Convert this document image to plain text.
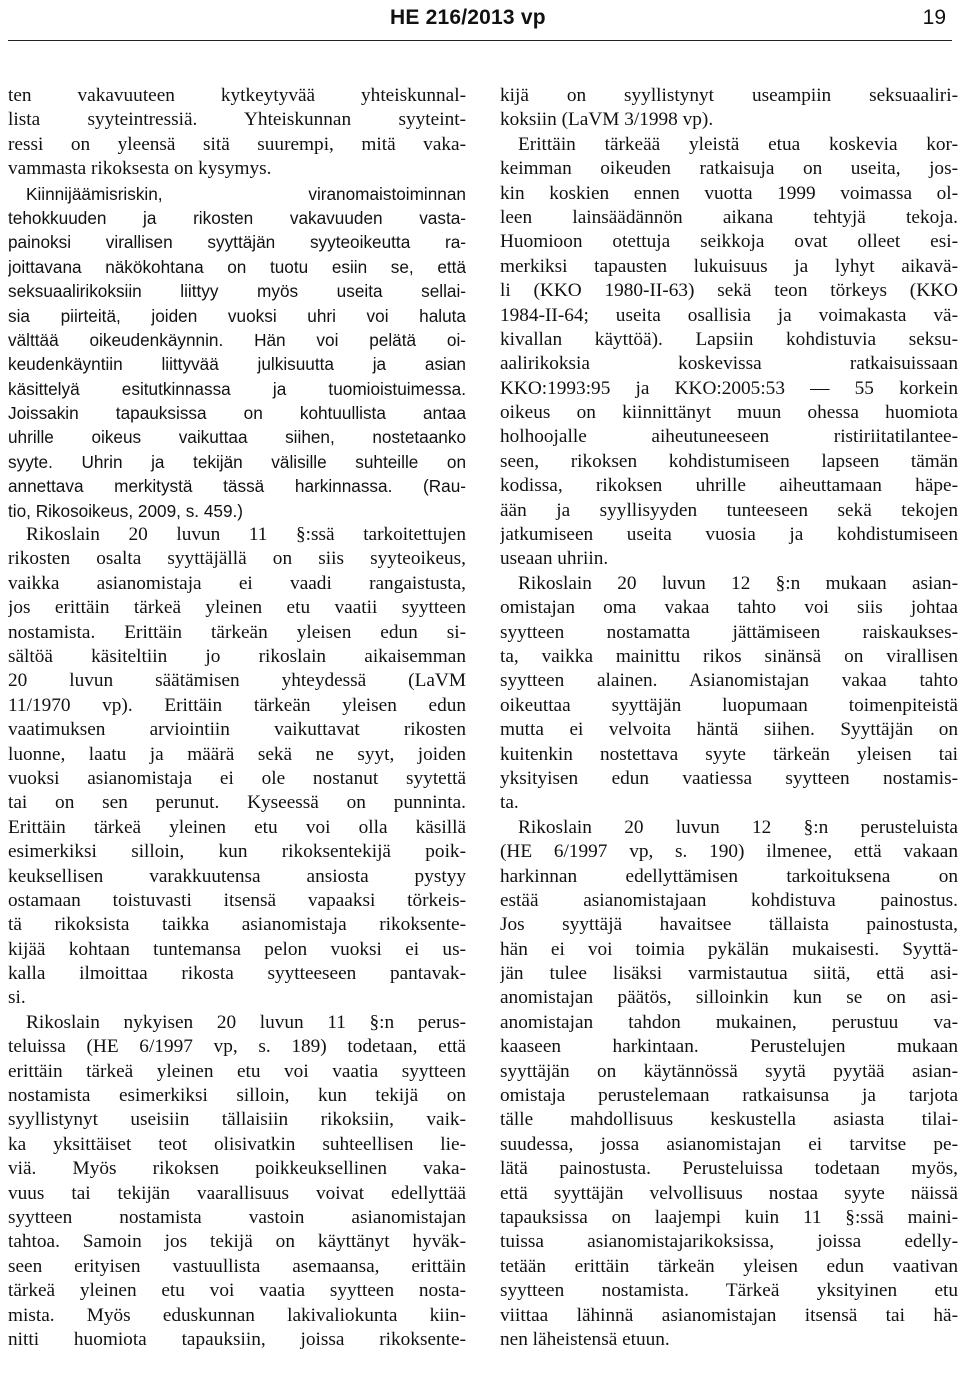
HE 216/2013 vp	19
ten vakavuuteen kytkeytyvää yhteiskunnal-
lista syyteintressiä. Yhteiskunnan syyteint-
ressi on yleensä sitä suurempi, mitä vaka-
vammasta rikoksesta on kysymys.
Kiinnijäämisriskin, viranomaistoiminnan
tehokkuuden ja rikosten vakavuuden vasta-
painoksi virallisen syyttäjän syyteoikeutta ra-
joittavana näkökohtana on tuotu esiin se, että
seksuaalirikoksiin liittyy myös useita sellai-
sia piirteitä, joiden vuoksi uhri voi haluta
välttää oikeudenkäynnin. Hän voi pelätä oi-
keudenkäyntiin liittyvää julkisuutta ja asian
käsittelyä esitutkinnassa ja tuomioistuimessa.
Joissakin tapauksissa on kohtuullista antaa
uhrille oikeus vaikuttaa siihen, nostetaanko
syyte. Uhrin ja tekijän välisille suhteille on
annettava merkitystä tässä harkinnassa. (Rau-
tio, Rikosoikeus, 2009, s. 459.)
Rikoslain 20 luvun 11 §:ssä tarkoitettujen
rikosten osalta syyttäjällä on siis syyteoikeus,
vaikka asianomistaja ei vaadi rangaistusta,
jos erittäin tärkeä yleinen etu vaatii syytteen
nostamista. Erittäin tärkeän yleisen edun si-
sältöä käsiteltiin jo rikoslain aikaisemman
20 luvun säätämisen yhteydessä (LaVM
11/1970 vp). Erittäin tärkeän yleisen edun
vaatimuksen arviointiin vaikuttavat rikosten
luonne, laatu ja määrä sekä ne syyt, joiden
vuoksi asianomistaja ei ole nostanut syytettä
tai on sen perunut. Kyseessä on punninta.
Erittäin tärkeä yleinen etu voi olla käsillä
esimerkiksi silloin, kun rikoksentekijä poik-
keuksellisen varakkuutensa ansiosta pystyy
ostamaan toistuvasti itsensä vapaaksi törkeis-
tä rikoksista taikka asianomistaja rikoksente-
kijää kohtaan tuntemansa pelon vuoksi ei us-
kalla ilmoittaa rikosta syytteeseen pantavak-
si.
Rikoslain nykyisen 20 luvun 11 §:n perus-
teluissa (HE 6/1997 vp, s. 189) todetaan, että
erittäin tärkeä yleinen etu voi vaatia syytteen
nostamista esimerkiksi silloin, kun tekijä on
syyllistynyt useisiin tällaisiin rikoksiin, vaik-
ka yksittäiset teot olisivatkin suhteellisen lie-
viä. Myös rikoksen poikkeuksellinen vaka-
vuus tai tekijän vaarallisuus voivat edellyttää
syytteen nostamista vastoin asianomistajan
tahtoa. Samoin jos tekijä on käyttänyt hyväk-
seen erityisen vastuullista asemaansa, erittäin
tärkeä yleinen etu voi vaatia syytteen nosta-
mista. Myös eduskunnan lakivaliokunta kiin-
nitti huomiota tapauksiin, joissa rikoksente-
kijä on syyllistynyt useampiin seksuaaliri-
koksiin (LaVM 3/1998 vp).
Erittäin tärkeää yleistä etua koskevia kor-
keimman oikeuden ratkaisuja on useita, jos-
kin koskien ennen vuotta 1999 voimassa ol-
leen lainsäädännön aikana tehtyjä tekoja.
Huomioon otettuja seikkoja ovat olleet esi-
merkiksi tapausten lukuisuus ja lyhyt aikavä-
li (KKO 1980-II-63) sekä teon törkeys (KKO
1984-II-64; useita osallisia ja voimakasta vä-
kivallan käyttöä). Lapsiin kohdistuvia seksu-
aalirikoksia koskevissa ratkaisuissaan
KKO:1993:95 ja KKO:2005:53 — 55 korkein
oikeus on kiinnittänyt muun ohessa huomiota
holhoojalle aiheutuneeseen ristiriitatilantee-
seen, rikoksen kohdistumiseen lapseen tämän
kodissa, rikoksen uhrille aiheuttamaan häpe-
ään ja syyllisyyden tunteeseen sekä tekojen
jatkumiseen useita vuosia ja kohdistumiseen
useaan uhriin.
Rikoslain 20 luvun 12 §:n mukaan asian-
omistajan oma vakaa tahto voi siis johtaa
syytteen nostamatta jättämiseen raiskaukses-
ta, vaikka mainittu rikos sinänsä on virallisen
syytteen alainen. Asianomistajan vakaa tahto
oikeuttaa syyttäjän luopumaan toimenpiteistä
mutta ei velvoita häntä siihen. Syyttäjän on
kuitenkin nostettava syyte tärkeän yleisen tai
yksityisen edun vaatiessa syytteen nostamis-
ta.
Rikoslain 20 luvun 12 §:n perusteluista
(HE 6/1997 vp, s. 190) ilmenee, että vakaan
harkinnan edellyttämisen tarkoituksena on
estää asianomistajaan kohdistuva painostus.
Jos syyttäjä havaitsee tällaista painostusta,
hän ei voi toimia pykälän mukaisesti. Syyttä-
jän tulee lisäksi varmistautua siitä, että asi-
anomistajan päätös, silloinkin kun se on asi-
anomistajan tahdon mukainen, perustuu va-
kaaseen harkintaan. Perustelujen mukaan
syyttäjän on käytännössä syytä pyytää asian-
omistaja perustelemaan ratkaisunsa ja tarjota
tälle mahdollisuus keskustella asiasta tilai-
suudessa, jossa asianomistajan ei tarvitse pe-
lätä painostusta. Perusteluissa todetaan myös,
että syyttäjän velvollisuus nostaa syyte näissä
tapauksissa on laajempi kuin 11 §:ssä maini-
tuissa asianomistajarikoksissa, joissa edelly-
tetään erittäin tärkeän yleisen edun vaativan
syytteen nostamista. Tärkeä yksityinen etu
viittaa lähinnä asianomistajan itsensä tai hä-
nen läheistensä etuun.
